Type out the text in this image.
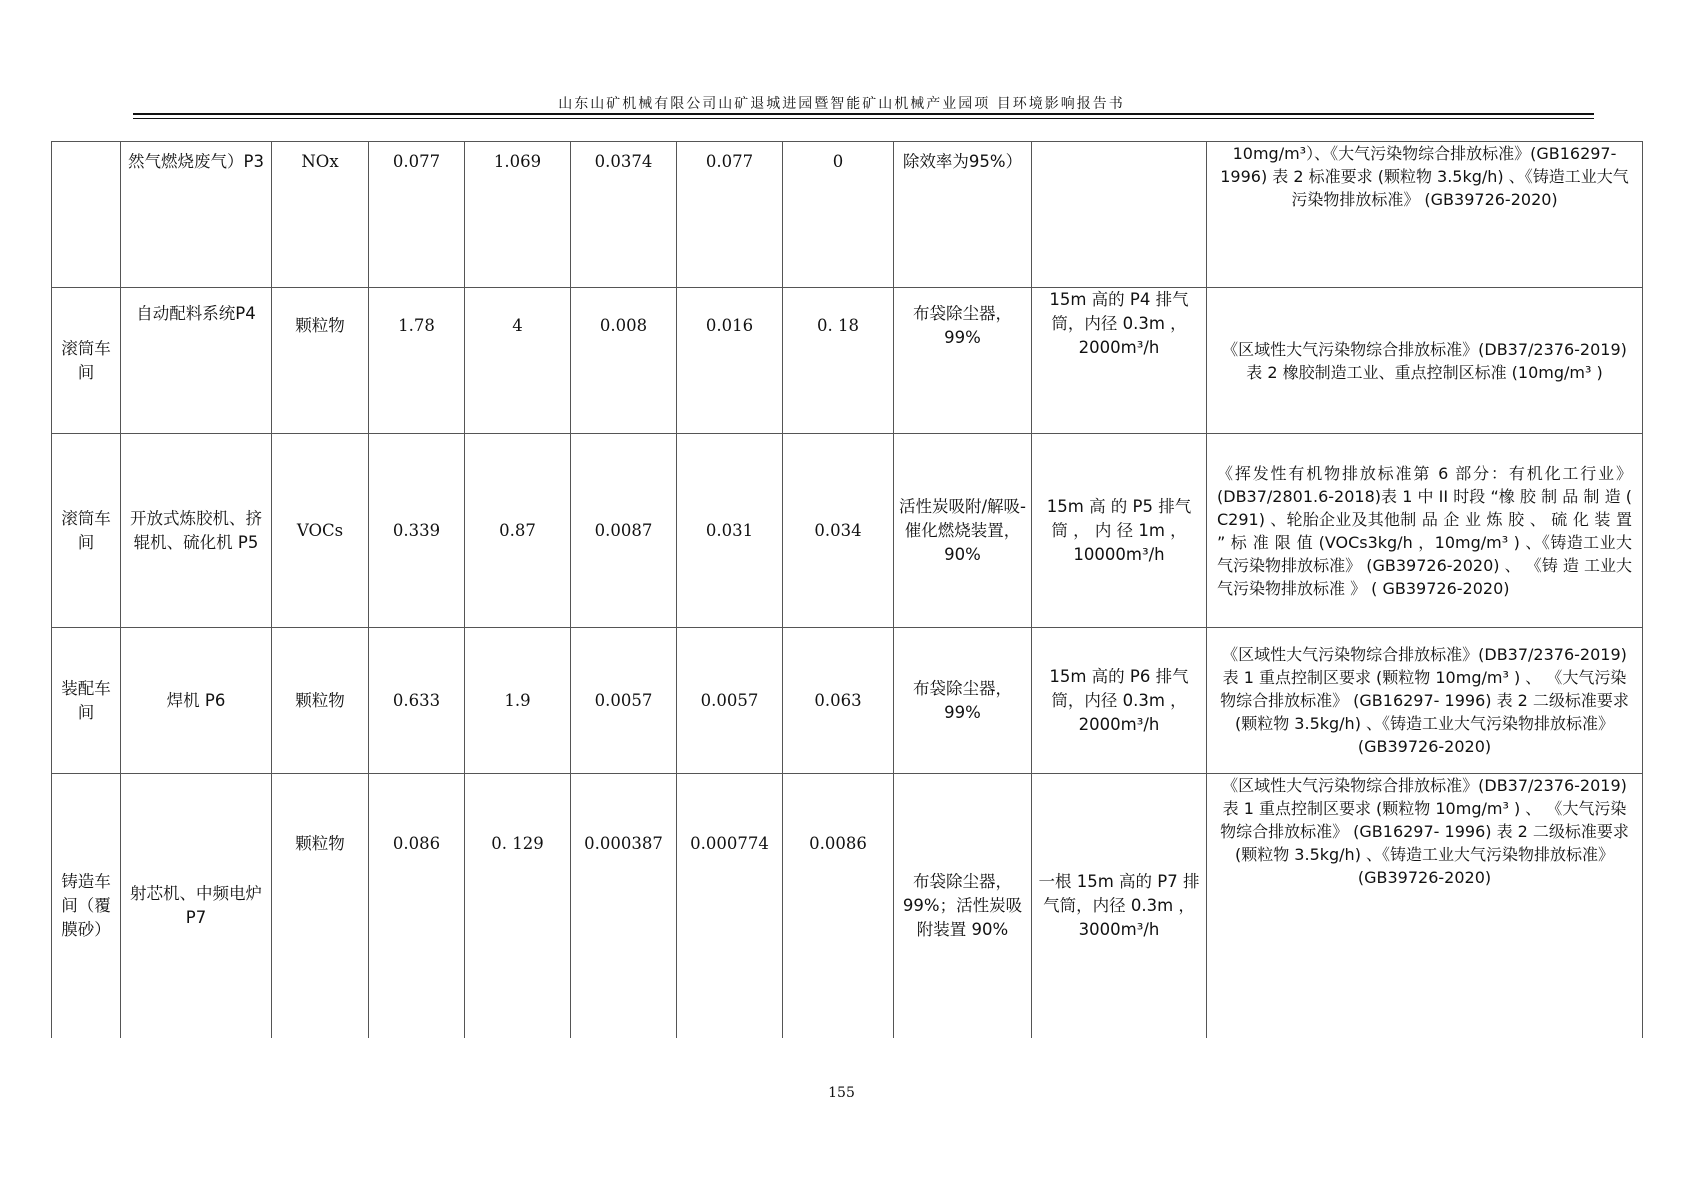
山东山矿机械有限公司山矿退城进园暨智能矿山机械产业园项 目环境影响报告书
	然气燃烧废气）P3	NOx	0.077	1.069	0.0374	0.077	0	除效率为95%）		10mg/m³）、《大气污染物综合排放标准》(GB16297- 1996) 表 2 标准要求 (颗粒物 3.5kg/h) 、《铸造工业大气污染物排放标准》 (GB39726-2020)
滚筒车间	自动配料系统P4	颗粒物	1.78	4	0.008	0.016	0. 18	布袋除尘器，99%	15m 高的 P4 排气筒，内径 0.3m ，2000m³/h	《区域性大气污染物综合排放标准》(DB37/2376-2019) 表 2 橡胶制造工业、重点控制区标准 (10mg/m³ )
滚筒车间	开放式炼胶机、挤辊机、硫化机 P5	VOCs	0.339	0.87	0.0087	0.031	0.034	活性炭吸附/解吸-催化燃烧装置，90%	15m 高 的 P5 排气 筒 ， 内 径 1m ，10000m³/h	《挥发性有机物排放标准第 6 部分：有机化工行业》(DB37/2801.6-2018)表 1 中 II 时段 “橡 胶 制 品 制 造 ( C291) 、轮胎企业及其他制 品 企 业 炼 胶 、 硫 化 装 置 ” 标 准 限 值 (VOCs3kg/h ，10mg/m³ ) 、《铸造工业大气污染物排放标准》 (GB39726-2020) 、 《铸 造 工业大气污染物排放标准 》 ( GB39726-2020)
装配车间	焊机 P6	颗粒物	0.633	1.9	0.0057	0.0057	0.063	布袋除尘器，99%	15m 高的 P6 排气筒，内径 0.3m ，2000m³/h	《区域性大气污染物综合排放标准》(DB37/2376-2019) 表 1 重点控制区要求 (颗粒物 10mg/m³ ) 、 《大气污染物综合排放标准》 (GB16297- 1996) 表 2 二级标准要求 (颗粒物 3.5kg/h) 、《铸造工业大气污染物排放标准》 (GB39726-2020)
铸造车间（覆膜砂）	射芯机、中频电炉 P7	颗粒物	0.086	0. 129	0.000387	0.000774	0.0086	布袋除尘器，99%；活性炭吸附装置 90%	一根 15m 高的 P7 排气筒，内径 0.3m ，3000m³/h	《区域性大气污染物综合排放标准》(DB37/2376-2019) 表 1 重点控制区要求 (颗粒物 10mg/m³ ) 、 《大气污染物综合排放标准》 (GB16297- 1996) 表 2 二级标准要求 (颗粒物 3.5kg/h) 、《铸造工业大气污染物排放标准》 (GB39726-2020)
155
